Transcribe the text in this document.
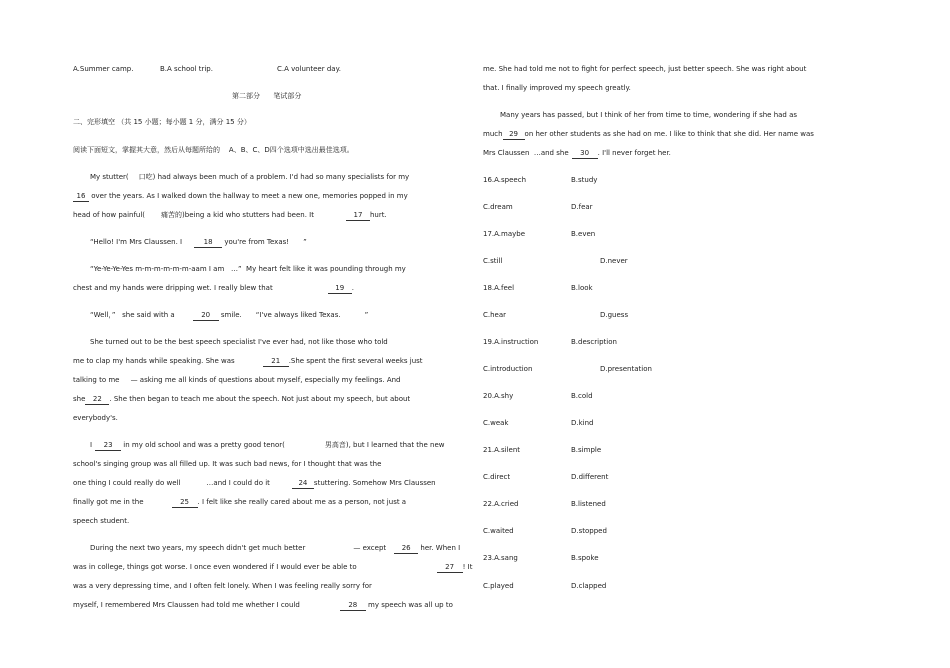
A.Summer camp.	B.A school trip.	C.A volunteer day.
第二部分      笔试部分
二、完形填空 （共 15 小题；每小题 1 分，满分 15 分）
阅读下面短文，掌握其大意，然后从每题所给的    A、B、C、D四个选项中选出最佳选项。
My stutter( 口吃) had always been much of a problem. I'd had so many specialists for my
16 over the years. As I walked down the hallway to meet a new one, memories popped in my
head of how painful( 痛苦的)being a kid who stutters had been. It	17 hurt.
“Hello! I'm Mrs Claussen. I	18 you're from Texas! ”
“Ye-Ye-Ye-Yes m-m-m-m-m-m-aam I am   …”  My heart felt like it was pounding through my
chest and my hands were dripping wet. I really blew that	19 .
“Well，”   she said with a	20 smile. “I've always liked Texas.	”
She turned out to be the best speech specialist I've ever had, not like those who told
me to clap my hands while speaking. She was	21 .She spent the first several weeks just
talking to me     — asking me all kinds of questions about myself, especially my feelings. And
she 22 . She then began to teach me about the speech. Not just about my speech, but about
everybody's.
I 23 in my old school and was a pretty good tenor(	男高音), but I learned that the new
school's singing group was all filled up. It was such bad news, for I thought that was the
one thing I could really do well	…and I could do it	24 stuttering. Somehow Mrs Claussen
finally got me in the	25 . I felt like she really cared about me as a person, not just a
speech student.
During the next two years, my speech didn't get much better	— except 26 her. When I
was in college, things got worse. I once even wondered if I would ever be able to	27 ! It
was a very depressing time, and I often felt lonely. When I was feeling really sorry for
myself, I remembered Mrs Claussen had told me whether I could	28 my speech was all up to
me. She had told me not to fight for perfect speech, just better speech. She was right about
that. I finally improved my speech greatly.
Many years has passed, but I think of her from time to time, wondering if she had as
much 29 on her other students as she had on me. I like to think that she did. Her name was
Mrs Claussen  …and she 30 . I'll never forget her.
16.A.speech	B.study
C.dream	D.fear
17.A.maybe	B.even
C.still	D.never
18.A.feel	B.look
C.hear	D.guess
19.A.instruction	B.description
C.introduction	D.presentation
20.A.shy	B.cold
C.weak	D.kind
21.A.silent	B.simple
C.direct	D.different
22.A.cried	B.listened
C.waited	D.stopped
23.A.sang	B.spoke
C.played	D.clapped
